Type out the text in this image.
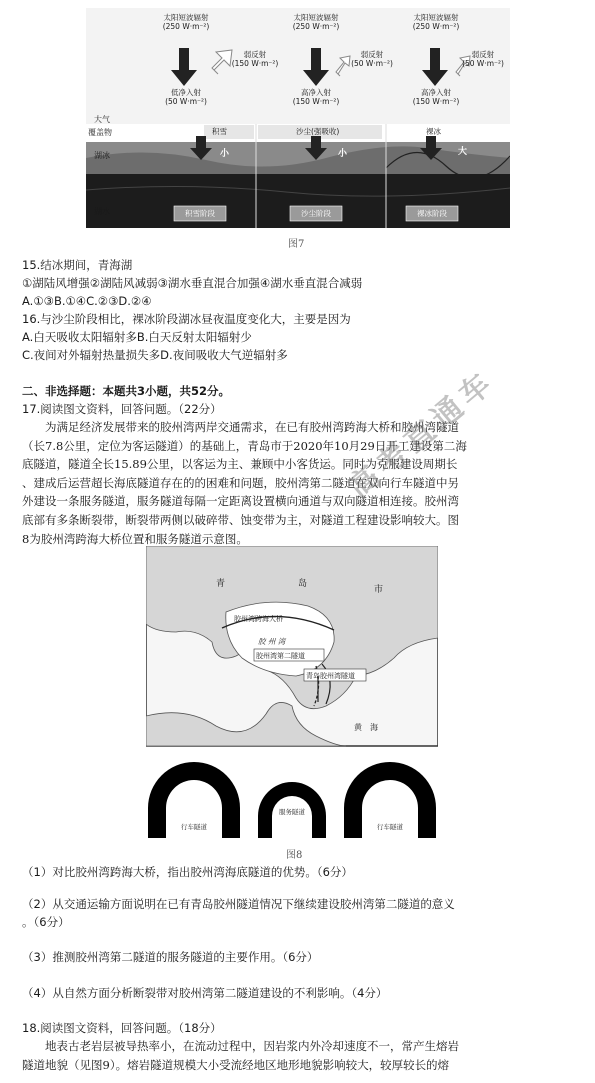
太阳短波辐射
(250 W·m⁻²)
太阳短波辐射
(250 W·m⁻²)
太阳短波辐射
(250 W·m⁻²)
弱反射
(150 W·m⁻²)
弱反射
(50 W·m⁻²)
弱反射
(50 W·m⁻²)
低净入射
(50 W·m⁻²)
高净入射
(150 W·m⁻²)
高净入射
(150 W·m⁻²)
大气
覆盖物
湖冰
湖水
积雪	沙尘(强吸收)	裸冰
小	小	大
积雪阶段	沙尘阶段	裸冰阶段
图7
15.结冰期间，青海湖
①湖陆风增强②湖陆风减弱③湖水垂直混合加强④湖水垂直混合减弱
A.①③B.①④C.②③D.②④
16.与沙尘阶段相比，裸冰阶段湖冰昼夜温度变化大，主要是因为
A.白天吸收太阳辐射多B.白天反射太阳辐射少
C.夜间对外辐射热量损失多D.夜间吸收大气逆辐射多
二、非选择题：本题共3小题，共52分。
17.阅读图文资料，回答问题。（22分）

为满足经济发展带来的胶州湾两岸交通需求，在已有胶州湾跨海大桥和胶州湾隧道

（长7.8公里，定位为客运隧道）的基础上，青岛市于2020年10月29日开工建设第二海

底隧道，隧道全长15.89公里，以客运为主、兼顾中小客货运。同时为克服建设周期长

、建成后运营超长海底隧道存在的的困难和问题，胶州湾第二隧道在双向行车隧道中另

外建设一条服务隧道，服务隧道每隔一定距离设置横向通道与双向隧道相连接。胶州湾

底部有多条断裂带，断裂带两侧以破碎带、蚀变带为主，对隧道工程建设影响较大。图

8为胶州湾跨海大桥位置和服务隧道示意图。

高考直通车
青	岛
市
胶州湾跨海大桥
胶 州 湾
胶州湾第二隧道
青岛胶州湾隧道
黄　海
行车隧道
服务隧道
行车隧道
图8
（1）对比胶州湾跨海大桥，指出胶州湾海底隧道的优势。（6分）
（2）从交通运输方面说明在已有青岛胶州隧道情况下继续建设胶州湾第二隧道的意义
。（6分）
（3）推测胶州湾第二隧道的服务隧道的主要作用。（6分）
（4）从自然方面分析断裂带对胶州湾第二隧道建设的不利影响。（4分）
18.阅读图文资料，回答问题。（18分）

地表古老岩层被导热率小，在流动过程中，因岩浆内外冷却速度不一，常产生熔岩

隧道地貌（见图9）。熔岩隧道规模大小受流经地区地形地貌影响较大，较厚较长的熔
